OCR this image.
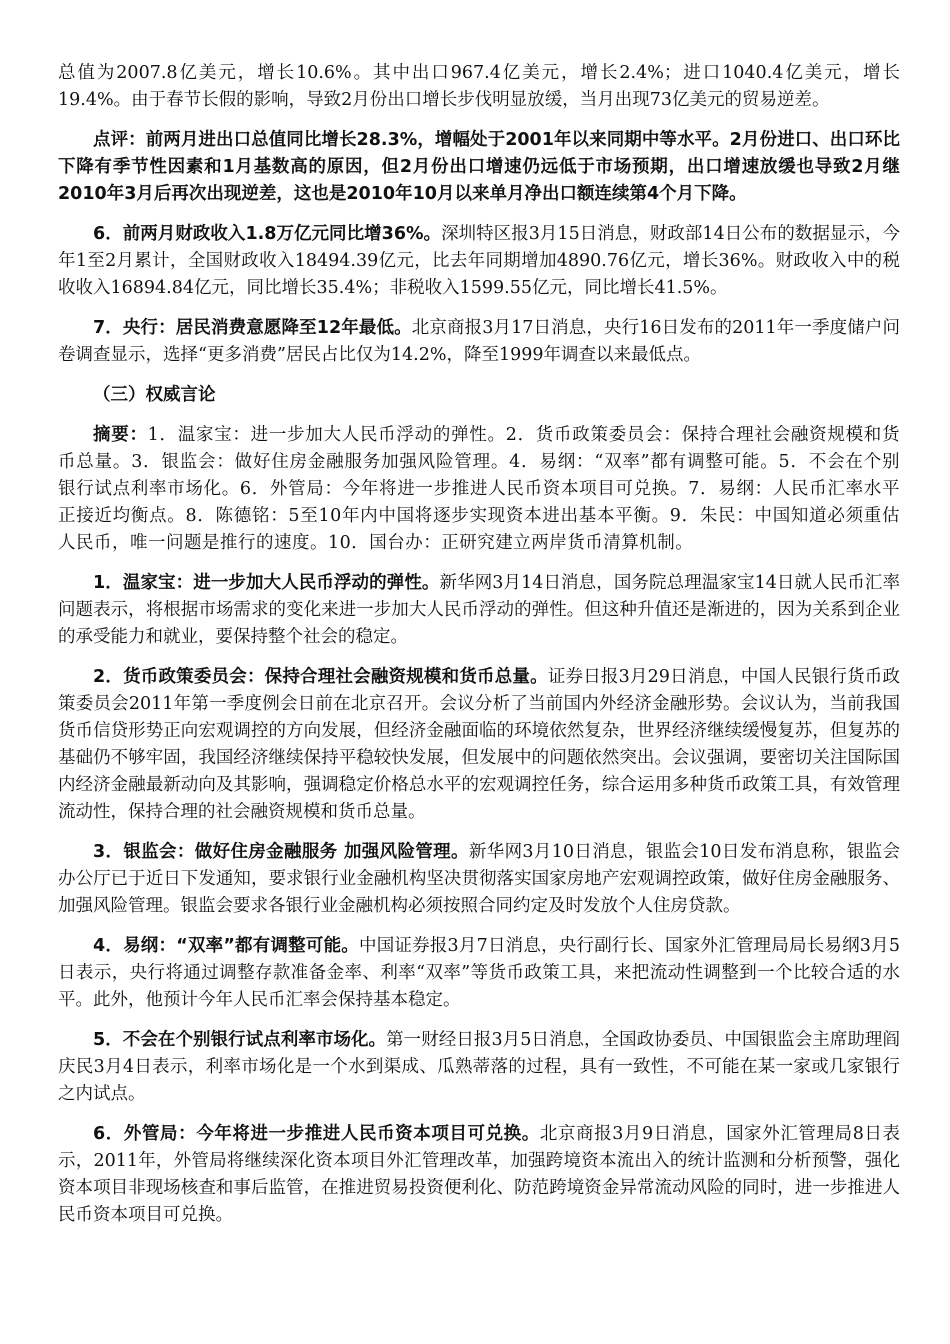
总值为2007.8亿美元，增长10.6%。其中出口967.4亿美元，增长2.4%；进口1040.4亿美元，增长19.4%。由于春节长假的影响，导致2月份出口增长步伐明显放缓，当月出现73亿美元的贸易逆差。

点评：前两月进出口总值同比增长28.3%，增幅处于2001年以来同期中等水平。2月份进口、出口环比下降有季节性因素和1月基数高的原因，但2月份出口增速仍远低于市场预期，出口增速放缓也导致2月继2010年3月后再次出现逆差，这也是2010年10月以来单月净出口额连续第4个月下降。

6．前两月财政收入1.8万亿元同比增36%。深圳特区报3月15日消息，财政部14日公布的数据显示，今年1至2月累计，全国财政收入18494.39亿元，比去年同期增加4890.76亿元，增长36%。财政收入中的税收收入16894.84亿元，同比增长35.4%；非税收入1599.55亿元，同比增长41.5%。

7．央行：居民消费意愿降至12年最低。北京商报3月17日消息，央行16日发布的2011年一季度储户问卷调查显示，选择“更多消费”居民占比仅为14.2%，降至1999年调查以来最低点。

（三）权威言论

摘要：1．温家宝：进一步加大人民币浮动的弹性。2．货币政策委员会：保持合理社会融资规模和货币总量。3．银监会：做好住房金融服务加强风险管理。4．易纲：“双率”都有调整可能。5．不会在个别银行试点利率市场化。6．外管局：今年将进一步推进人民币资本项目可兑换。7．易纲：人民币汇率水平正接近均衡点。8．陈德铭：5至10年内中国将逐步实现资本进出基本平衡。9．朱民：中国知道必须重估人民币，唯一问题是推行的速度。10．国台办：正研究建立两岸货币清算机制。

1．温家宝：进一步加大人民币浮动的弹性。新华网3月14日消息，国务院总理温家宝14日就人民币汇率问题表示，将根据市场需求的变化来进一步加大人民币浮动的弹性。但这种升值还是渐进的，因为关系到企业的承受能力和就业，要保持整个社会的稳定。

2．货币政策委员会：保持合理社会融资规模和货币总量。证券日报3月29日消息，中国人民银行货币政策委员会2011年第一季度例会日前在北京召开。会议分析了当前国内外经济金融形势。会议认为，当前我国货币信贷形势正向宏观调控的方向发展，但经济金融面临的环境依然复杂，世界经济继续缓慢复苏，但复苏的基础仍不够牢固，我国经济继续保持平稳较快发展，但发展中的问题依然突出。会议强调，要密切关注国际国内经济金融最新动向及其影响，强调稳定价格总水平的宏观调控任务，综合运用多种货币政策工具，有效管理流动性，保持合理的社会融资规模和货币总量。

3．银监会：做好住房金融服务 加强风险管理。新华网3月10日消息，银监会10日发布消息称，银监会办公厅已于近日下发通知，要求银行业金融机构坚决贯彻落实国家房地产宏观调控政策，做好住房金融服务、加强风险管理。银监会要求各银行业金融机构必须按照合同约定及时发放个人住房贷款。

4．易纲：“双率”都有调整可能。中国证券报3月7日消息，央行副行长、国家外汇管理局局长易纲3月5日表示，央行将通过调整存款准备金率、利率“双率”等货币政策工具，来把流动性调整到一个比较合适的水平。此外，他预计今年人民币汇率会保持基本稳定。

5．不会在个别银行试点利率市场化。第一财经日报3月5日消息，全国政协委员、中国银监会主席助理阎庆民3月4日表示，利率市场化是一个水到渠成、瓜熟蒂落的过程，具有一致性，不可能在某一家或几家银行之内试点。

6．外管局：今年将进一步推进人民币资本项目可兑换。北京商报3月9日消息，国家外汇管理局8日表示，2011年，外管局将继续深化资本项目外汇管理改革，加强跨境资本流出入的统计监测和分析预警，强化资本项目非现场核查和事后监管，在推进贸易投资便利化、防范跨境资金异常流动风险的同时，进一步推进人民币资本项目可兑换。
